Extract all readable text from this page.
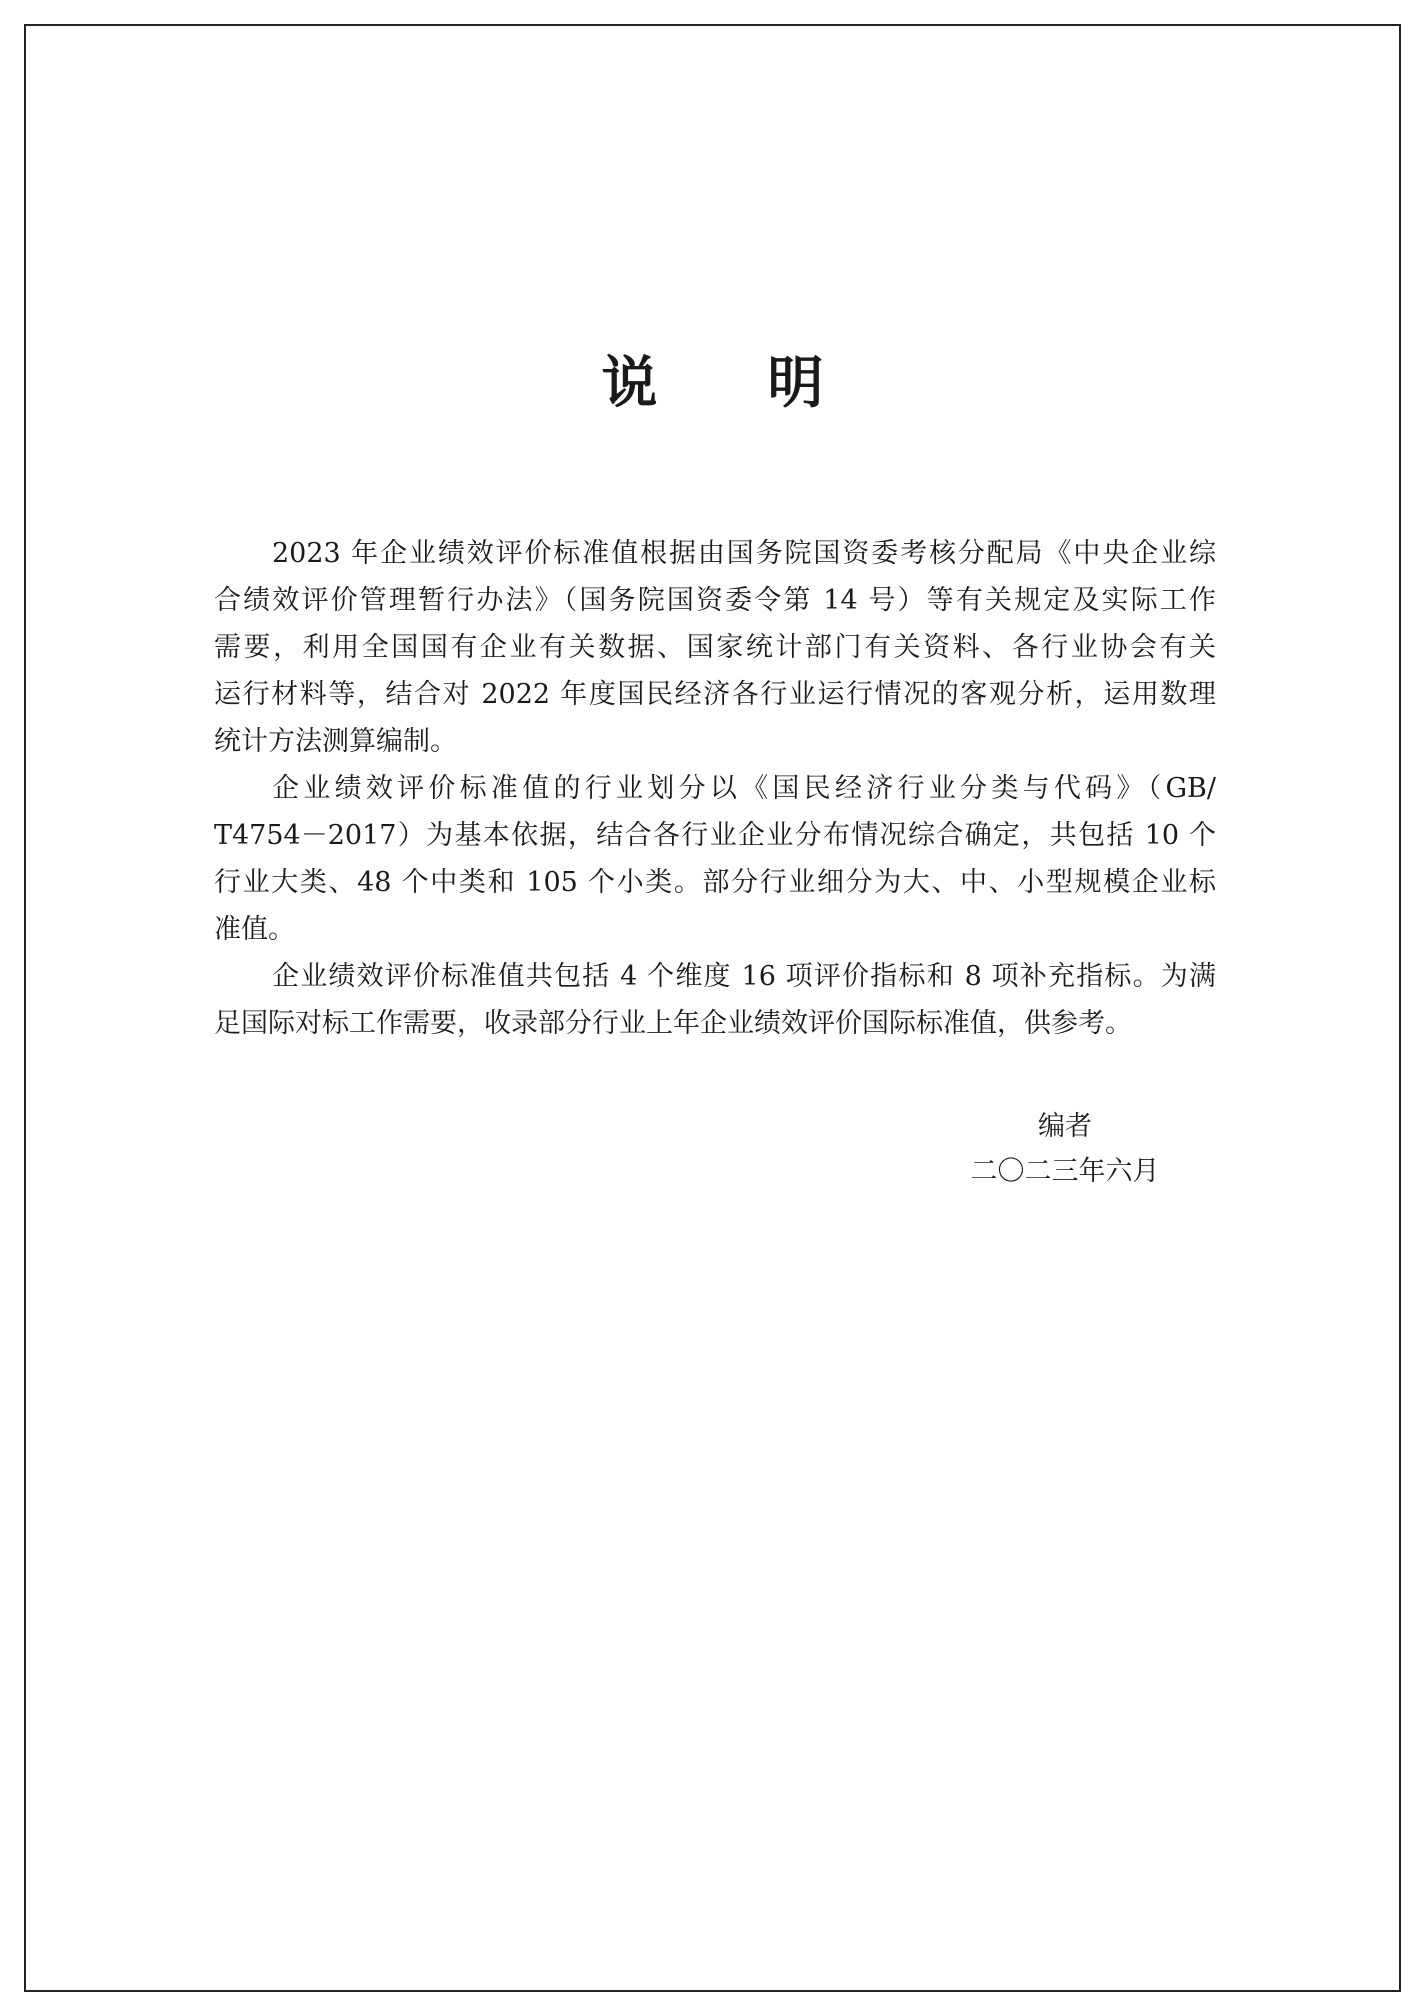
说明
2023 年企业绩效评价标准值根据由国务院国资委考核分配局《中央企业综
合绩效评价管理暂行办法》（国务院国资委令第 14 号）等有关规定及实际工作
需要，利用全国国有企业有关数据、国家统计部门有关资料、各行业协会有关
运行材料等，结合对 2022 年度国民经济各行业运行情况的客观分析，运用数理
统计方法测算编制。
企业绩效评价标准值的行业划分以《国民经济行业分类与代码》（GB/
T4754－2017）为基本依据，结合各行业企业分布情况综合确定，共包括 10 个
行业大类、48 个中类和 105 个小类。部分行业细分为大、中、小型规模企业标
准值。
企业绩效评价标准值共包括 4 个维度 16 项评价指标和 8 项补充指标。为满
足国际对标工作需要，收录部分行业上年企业绩效评价国际标准值，供参考。
编者
二〇二三年六月
